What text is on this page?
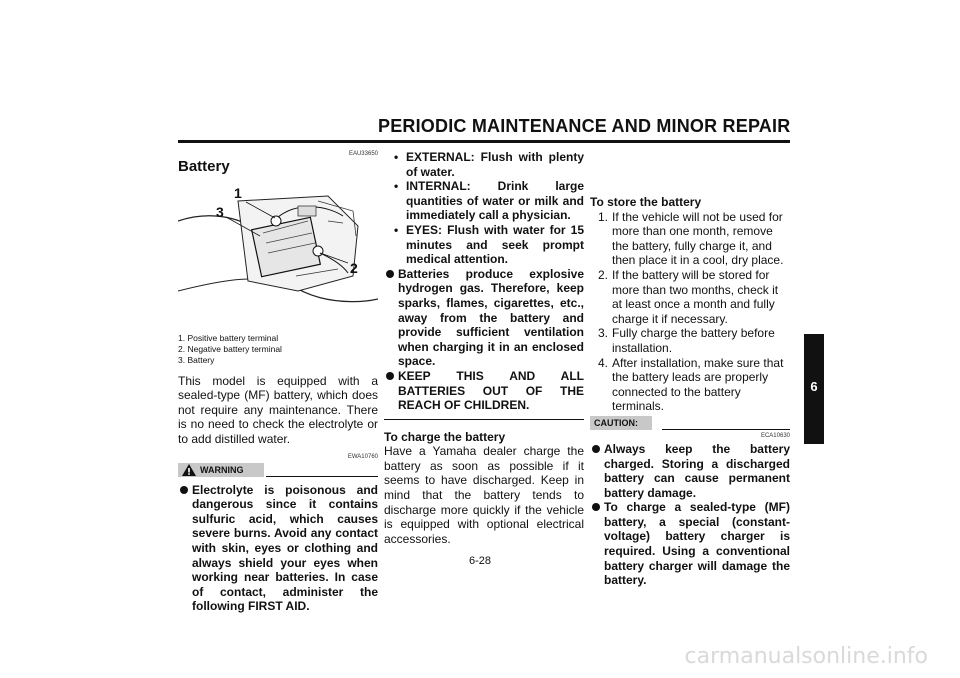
PERIODIC MAINTENANCE AND MINOR REPAIR
6
EAU33650
Battery
1
3
2
1. Positive battery terminal
2. Negative battery terminal
3. Battery

This model is equipped with a sealed-type (MF) battery, which does not require any maintenance. There is no need to check the electrolyte or to add distilled water.

EWA10760
WARNING
Electrolyte is poisonous and dangerous since it contains sulfuric acid, which causes severe burns. Avoid any contact with skin, eyes or clothing and always shield your eyes when working near batteries. In case of contact, administer the following FIRST AID.
• EXTERNAL: Flush with plenty of water.
• INTERNAL: Drink large quantities of water or milk and immediately call a physician.
• EYES: Flush with water for 15 minutes and seek prompt medical attention.
Batteries produce explosive hydrogen gas. Therefore, keep sparks, flames, cigarettes, etc., away from the battery and provide sufficient ventilation when charging it in an enclosed space.
KEEP THIS AND ALL BATTERIES OUT OF THE REACH OF CHILDREN.

To charge the battery

Have a Yamaha dealer charge the battery as soon as possible if it seems to have discharged. Keep in mind that the battery tends to discharge more quickly if the vehicle is equipped with optional electrical accessories.

To store the battery

1. If the vehicle will not be used for more than one month, remove the battery, fully charge it, and then place it in a cool, dry place.
2. If the battery will be stored for more than two months, check it at least once a month and fully charge it if necessary.
3. Fully charge the battery before installation.
4. After installation, make sure that the battery leads are properly connected to the battery terminals.
CAUTION:
ECA10630
Always keep the battery charged. Storing a discharged battery can cause permanent battery damage.
To charge a sealed-type (MF) battery, a special (constant-voltage) battery charger is required. Using a conventional battery charger will damage the battery.
6-28
carmanualsonline.info
